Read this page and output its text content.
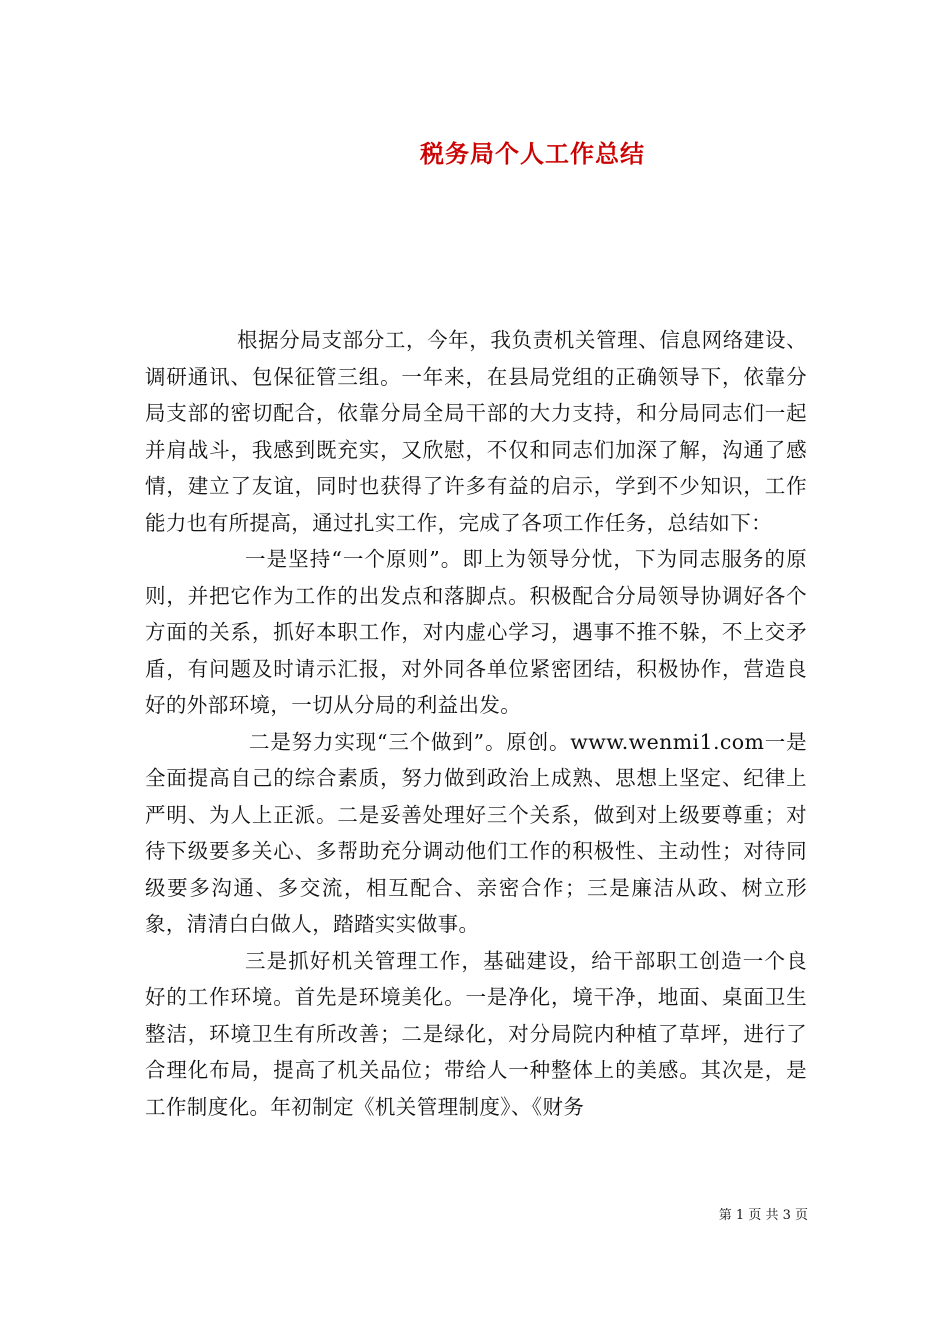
税务局个人工作总结

根据分局支部分工，今年，我负责机关管理、信息网络建设、调研通讯、包保征管三组。一年来，在县局党组的正确领导下，依靠分局支部的密切配合，依靠分局全局干部的大力支持，和分局同志们一起并肩战斗，我感到既充实，又欣慰，不仅和同志们加深了解，沟通了感情，建立了友谊，同时也获得了许多有益的启示，学到不少知识，工作能力也有所提高，通过扎实工作，完成了各项工作任务，总结如下：

一是坚持“一个原则”。即上为领导分忧，下为同志服务的原则，并把它作为工作的出发点和落脚点。积极配合分局领导协调好各个方面的关系，抓好本职工作，对内虚心学习，遇事不推不躲，不上交矛盾，有问题及时请示汇报，对外同各单位紧密团结，积极协作，营造良好的外部环境，一切从分局的利益出发。

二是努力实现“三个做到”。原创。www.wenmi1.com一是全面提高自己的综合素质，努力做到政治上成熟、思想上坚定、纪律上严明、为人上正派。二是妥善处理好三个关系，做到对上级要尊重；对待下级要多关心、多帮助充分调动他们工作的积极性、主动性；对待同级要多沟通、多交流，相互配合、亲密合作；三是廉洁从政、树立形象，清清白白做人，踏踏实实做事。

三是抓好机关管理工作，基础建设，给干部职工创造一个良好的工作环境。首先是环境美化。一是净化，境干净，地面、桌面卫生整洁，环境卫生有所改善；二是绿化，对分局院内种植了草坪，进行了合理化布局，提高了机关品位；带给人一种整体上的美感。其次是，是工作制度化。年初制定《机关管理制度》、《财务

第 1 页 共 3 页
